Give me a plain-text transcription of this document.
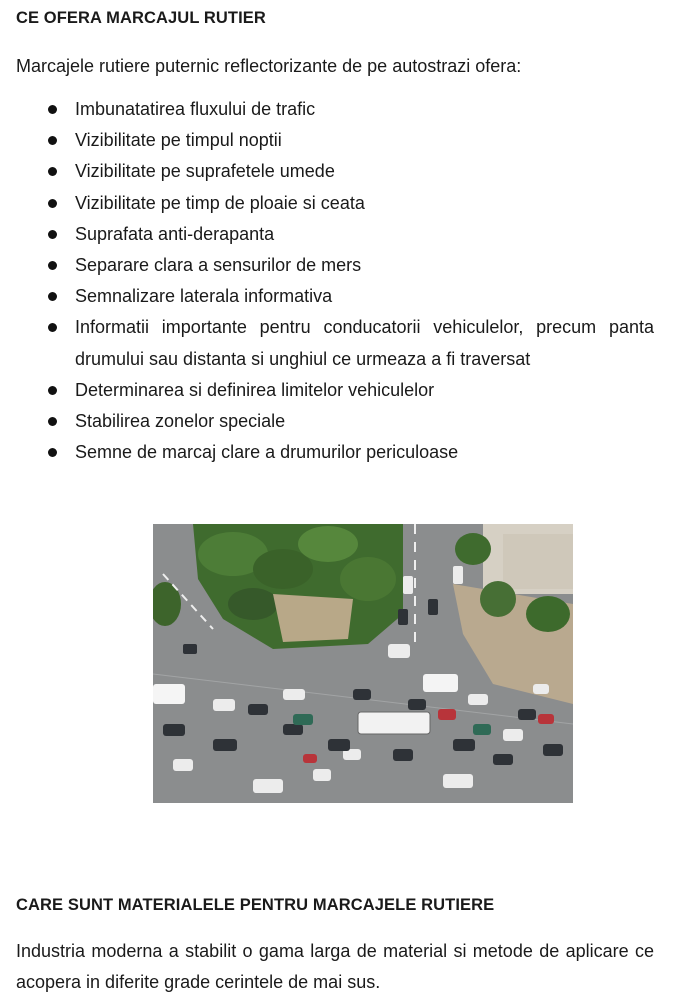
CE OFERA MARCAJUL RUTIER
Marcajele rutiere puternic reflectorizante de pe autostrazi ofera:
Imbunatatirea fluxului de trafic
Vizibilitate pe timpul noptii
Vizibilitate pe suprafetele umede
Vizibilitate pe timp de ploaie si ceata
Suprafata anti-derapanta
Separare clara a sensurilor de mers
Semnalizare laterala informativa
Informatii importante pentru conducatorii vehiculelor, precum panta drumului sau distanta si unghiul ce urmeaza a fi traversat
Determinarea si definirea limitelor vehiculelor
Stabilirea zonelor speciale
Semne de marcaj clare a drumurilor periculoase
CARE SUNT MATERIALELE PENTRU MARCAJELE RUTIERE
Industria moderna a stabilit o gama larga de material si metode de aplicare ce acopera in diferite grade cerintele de mai sus.
